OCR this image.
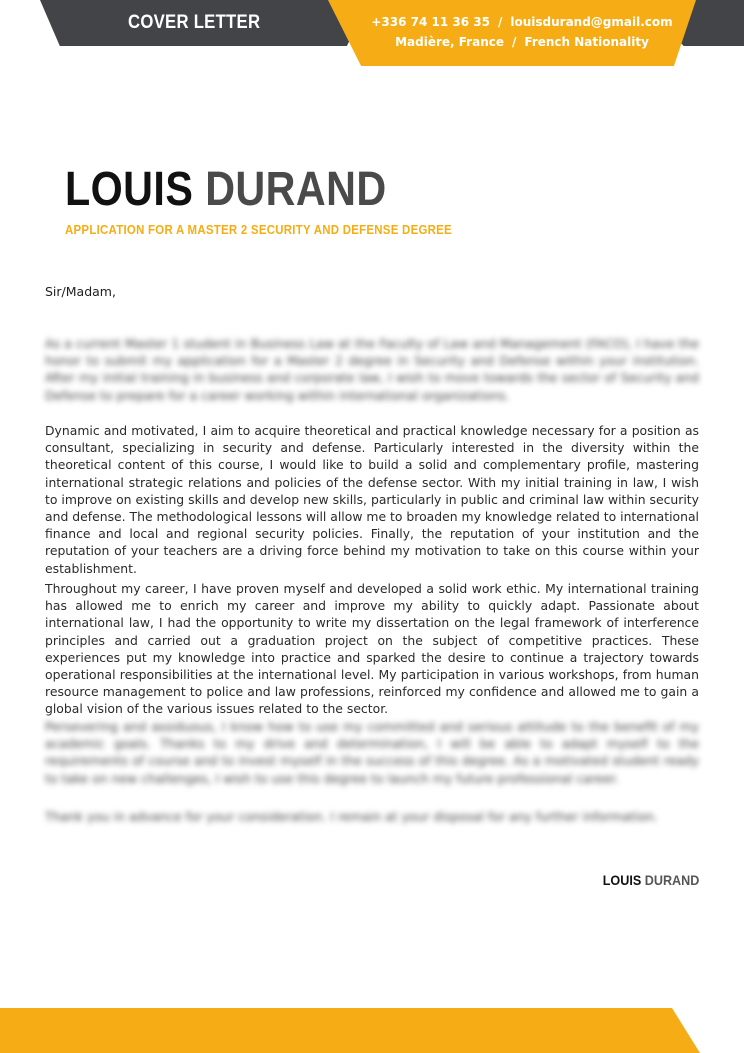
COVER LETTER	+336 74 11 36 35 / louisdurand@gmail.com
Madière, France / French Nationality
LOUIS DURAND
APPLICATION FOR A MASTER 2 SECURITY AND DEFENSE DEGREE
Sir/Madam,

As a current Master 1 student in Business Law at the Faculty of Law and Management (FACO), I have the honor to submit my application for a Master 2 degree in Security and Defense within your institution. After my initial training in business and corporate law, I wish to move towards the sector of Security and Defense to prepare for a career working within international organizations.

Dynamic and motivated, I aim to acquire theoretical and practical knowledge necessary for a position as consultant, specializing in security and defense. Particularly interested in the diversity within the theoretical content of this course, I would like to build a solid and complementary profile, mastering international strategic relations and policies of the defense sector. With my initial training in law, I wish to improve on existing skills and develop new skills, particularly in public and criminal law within security and defense. The methodological lessons will allow me to broaden my knowledge related to international finance and local and regional security policies. Finally, the reputation of your institution and the reputation of your teachers are a driving force behind my motivation to take on this course within your establishment.

Throughout my career, I have proven myself and developed a solid work ethic. My international training has allowed me to enrich my career and improve my ability to quickly adapt. Passionate about international law, I had the opportunity to write my dissertation on the legal framework of interference principles and carried out a graduation project on the subject of competitive practices. These experiences put my knowledge into practice and sparked the desire to continue a trajectory towards operational responsibilities at the international level. My participation in various workshops, from human resource management to police and law professions, reinforced my confidence and allowed me to gain a global vision of the various issues related to the sector.

Persevering and assiduous, I know how to use my committed and serious attitude to the benefit of my academic goals. Thanks to my drive and determination, I will be able to adapt myself to the requirements of course and to invest myself in the success of this degree. As a motivated student ready to take on new challenges, I wish to use this degree to launch my future professional career.

Thank you in advance for your consideration. I remain at your disposal for any further information.

LOUIS DURAND
